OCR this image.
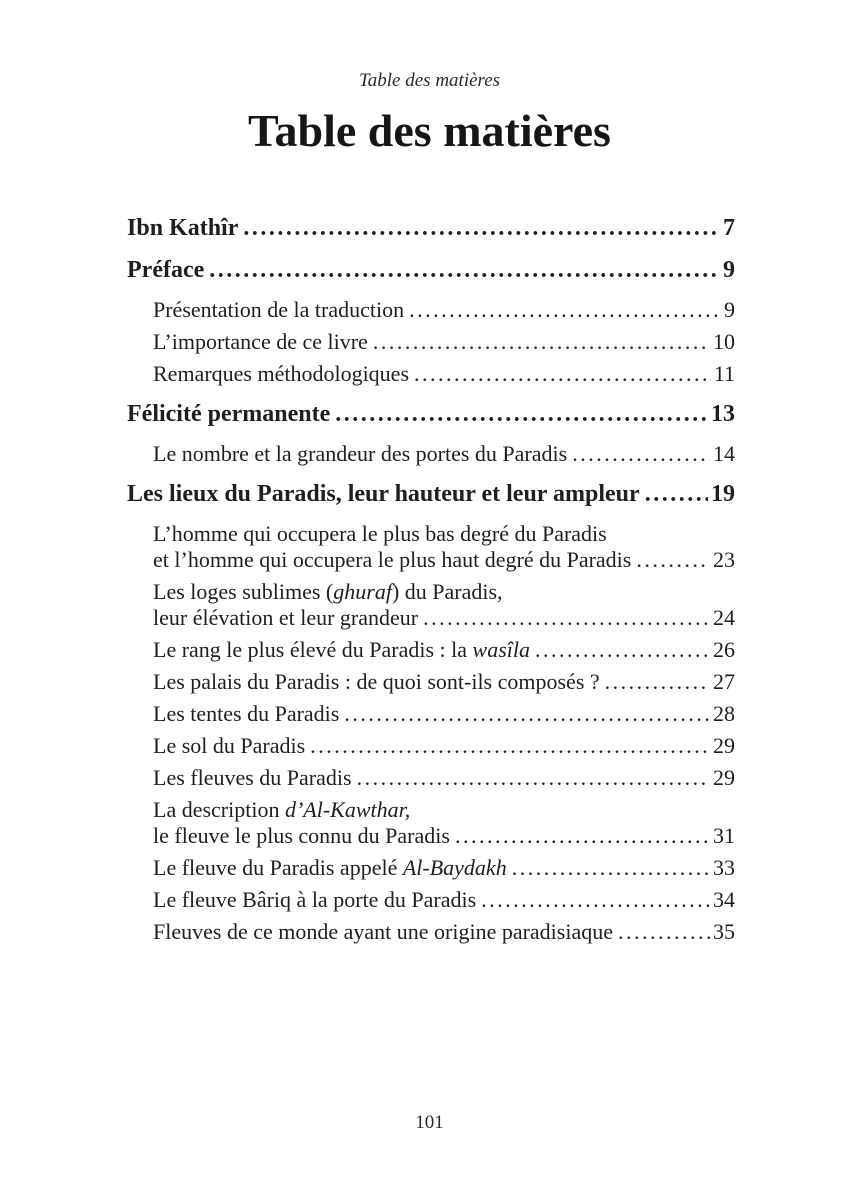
Table des matières
Table des matières
Ibn Kathîr .....	7
Préface .....	9
Présentation de la traduction .....	9
L’importance de ce livre .....	10
Remarques méthodologiques .....	11
Félicité permanente .....	13
Le nombre et la grandeur des portes du Paradis .....	14
Les lieux du Paradis, leur hauteur et leur ampleur .....	19
L’homme qui occupera le plus bas degré du Paradis
et l’homme qui occupera le plus haut degré du Paradis .....	23
Les loges sublimes (ghuraf) du Paradis,
leur élévation et leur grandeur .....	24
Le rang le plus élevé du Paradis : la wasîla .....	26
Les palais du Paradis : de quoi sont-ils composés ? .....	27
Les tentes du Paradis .....	28
Le sol du Paradis .....	29
Les fleuves du Paradis .....	29
La description d’Al-Kawthar,
le fleuve le plus connu du Paradis .....	31
Le fleuve du Paradis appelé Al-Baydakh .....	33
Le fleuve Bâriq à la porte du Paradis .....	34
Fleuves de ce monde ayant une origine paradisiaque .....	35
101
